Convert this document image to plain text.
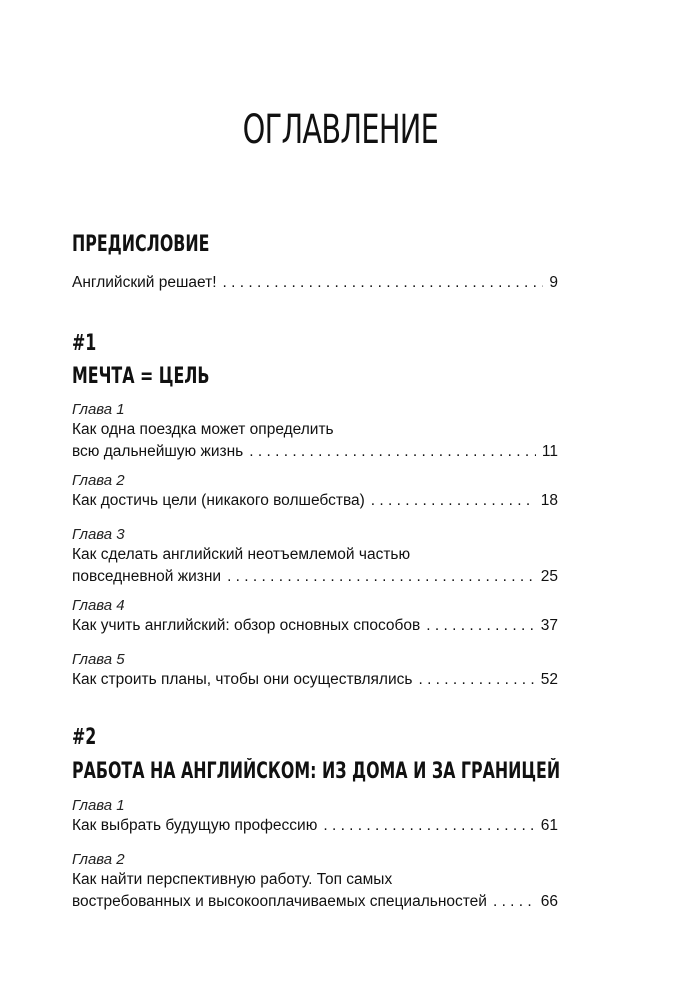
ОГЛАВЛЕНИЕ
ПРЕДИСЛОВИЕ
Английский решает! . . .	9
#1
МЕЧТА = ЦЕЛЬ
Глава 1
Как одна поездка может определить
всю дальнейшую жизнь . . .	11
Глава 2
Как достичь цели (никакого волшебства) . . .	18
Глава 3
Как сделать английский неотъемлемой частью
повседневной жизни . . .	25
Глава 4
Как учить английский: обзор основных способов . . .	37
Глава 5
Как строить планы, чтобы они осуществлялись . . .	52
#2
РАБОТА НА АНГЛИЙСКОМ: ИЗ ДОМА И ЗА ГРАНИЦЕЙ
Глава 1
Как выбрать будущую профессию . . .	61
Глава 2
Как найти перспективную работу. Топ самых
востребованных и высокооплачиваемых специальностей . . .	66
